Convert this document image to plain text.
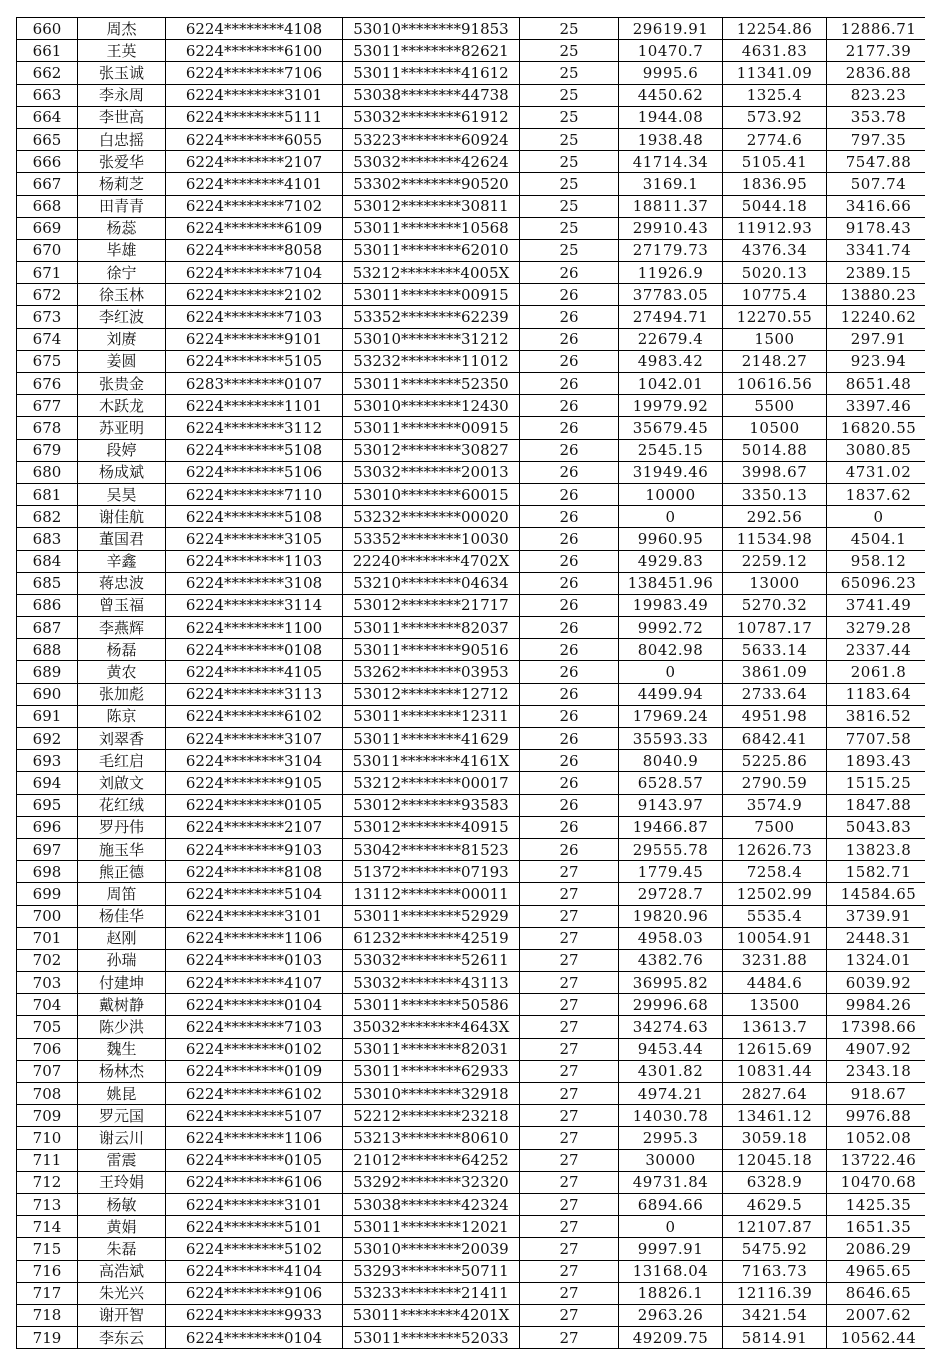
660	周杰	6224********4108	53010********91853	25	29619.91	12254.86	12886.71
661	王英	6224********6100	53011********82621	25	10470.7	4631.83	2177.39
662	张玉诚	6224********7106	53011********41612	25	9995.6	11341.09	2836.88
663	李永周	6224********3101	53038********44738	25	4450.62	1325.4	823.23
664	李世高	6224********5111	53032********61912	25	1944.08	573.92	353.78
665	白忠摇	6224********6055	53223********60924	25	1938.48	2774.6	797.35
666	张爱华	6224********2107	53032********42624	25	41714.34	5105.41	7547.88
667	杨莉芝	6224********4101	53302********90520	25	3169.1	1836.95	507.74
668	田青青	6224********7102	53012********30811	25	18811.37	5044.18	3416.66
669	杨蕊	6224********6109	53011********10568	25	29910.43	11912.93	9178.43
670	毕雄	6224********8058	53011********62010	25	27179.73	4376.34	3341.74
671	徐宁	6224********7104	53212********4005X	26	11926.9	5020.13	2389.15
672	徐玉林	6224********2102	53011********00915	26	37783.05	10775.4	13880.23
673	李红波	6224********7103	53352********62239	26	27494.71	12270.55	12240.62
674	刘赓	6224********9101	53010********31212	26	22679.4	1500	297.91
675	姜圆	6224********5105	53232********11012	26	4983.42	2148.27	923.94
676	张贵金	6283********0107	53011********52350	26	1042.01	10616.56	8651.48
677	木跃龙	6224********1101	53010********12430	26	19979.92	5500	3397.46
678	苏亚明	6224********3112	53011********00915	26	35679.45	10500	16820.55
679	段婷	6224********5108	53012********30827	26	2545.15	5014.88	3080.85
680	杨成斌	6224********5106	53032********20013	26	31949.46	3998.67	4731.02
681	吴昊	6224********7110	53010********60015	26	10000	3350.13	1837.62
682	谢佳航	6224********5108	53232********00020	26	0	292.56	0
683	董国君	6224********3105	53352********10030	26	9960.95	11534.98	4504.1
684	辛鑫	6224********1103	22240********4702X	26	4929.83	2259.12	958.12
685	蒋忠波	6224********3108	53210********04634	26	138451.96	13000	65096.23
686	曾玉福	6224********3114	53012********21717	26	19983.49	5270.32	3741.49
687	李燕辉	6224********1100	53011********82037	26	9992.72	10787.17	3279.28
688	杨磊	6224********0108	53011********90516	26	8042.98	5633.14	2337.44
689	黄农	6224********4105	53262********03953	26	0	3861.09	2061.8
690	张加彪	6224********3113	53012********12712	26	4499.94	2733.64	1183.64
691	陈京	6224********6102	53011********12311	26	17969.24	4951.98	3816.52
692	刘翠香	6224********3107	53011********41629	26	35593.33	6842.41	7707.58
693	毛红启	6224********3104	53011********4161X	26	8040.9	5225.86	1893.43
694	刘啟文	6224********9105	53212********00017	26	6528.57	2790.59	1515.25
695	花红绒	6224********0105	53012********93583	26	9143.97	3574.9	1847.88
696	罗丹伟	6224********2107	53012********40915	26	19466.87	7500	5043.83
697	施玉华	6224********9103	53042********81523	26	29555.78	12626.73	13823.8
698	熊正德	6224********8108	51372********07193	27	1779.45	7258.4	1582.71
699	周笛	6224********5104	13112********00011	27	29728.7	12502.99	14584.65
700	杨佳华	6224********3101	53011********52929	27	19820.96	5535.4	3739.91
701	赵刚	6224********1106	61232********42519	27	4958.03	10054.91	2448.31
702	孙瑞	6224********0103	53032********52611	27	4382.76	3231.88	1324.01
703	付建坤	6224********4107	53032********43113	27	36995.82	4484.6	6039.92
704	戴树静	6224********0104	53011********50586	27	29996.68	13500	9984.26
705	陈少洪	6224********7103	35032********4643X	27	34274.63	13613.7	17398.66
706	魏生	6224********0102	53011********82031	27	9453.44	12615.69	4907.92
707	杨林杰	6224********0109	53011********62933	27	4301.82	10831.44	2343.18
708	姚昆	6224********6102	53010********32918	27	4974.21	2827.64	918.67
709	罗元国	6224********5107	52212********23218	27	14030.78	13461.12	9976.88
710	谢云川	6224********1106	53213********80610	27	2995.3	3059.18	1052.08
711	雷震	6224********0105	21012********64252	27	30000	12045.18	13722.46
712	王玲娟	6224********6106	53292********32320	27	49731.84	6328.9	10470.68
713	杨敏	6224********3101	53038********42324	27	6894.66	4629.5	1425.35
714	黄娟	6224********5101	53011********12021	27	0	12107.87	1651.35
715	朱磊	6224********5102	53010********20039	27	9997.91	5475.92	2086.29
716	高浩斌	6224********4104	53293********50711	27	13168.04	7163.73	4965.65
717	朱光兴	6224********9106	53233********21411	27	18826.1	12116.39	8646.65
718	谢开智	6224********9933	53011********4201X	27	2963.26	3421.54	2007.62
719	李东云	6224********0104	53011********52033	27	49209.75	5814.91	10562.44
